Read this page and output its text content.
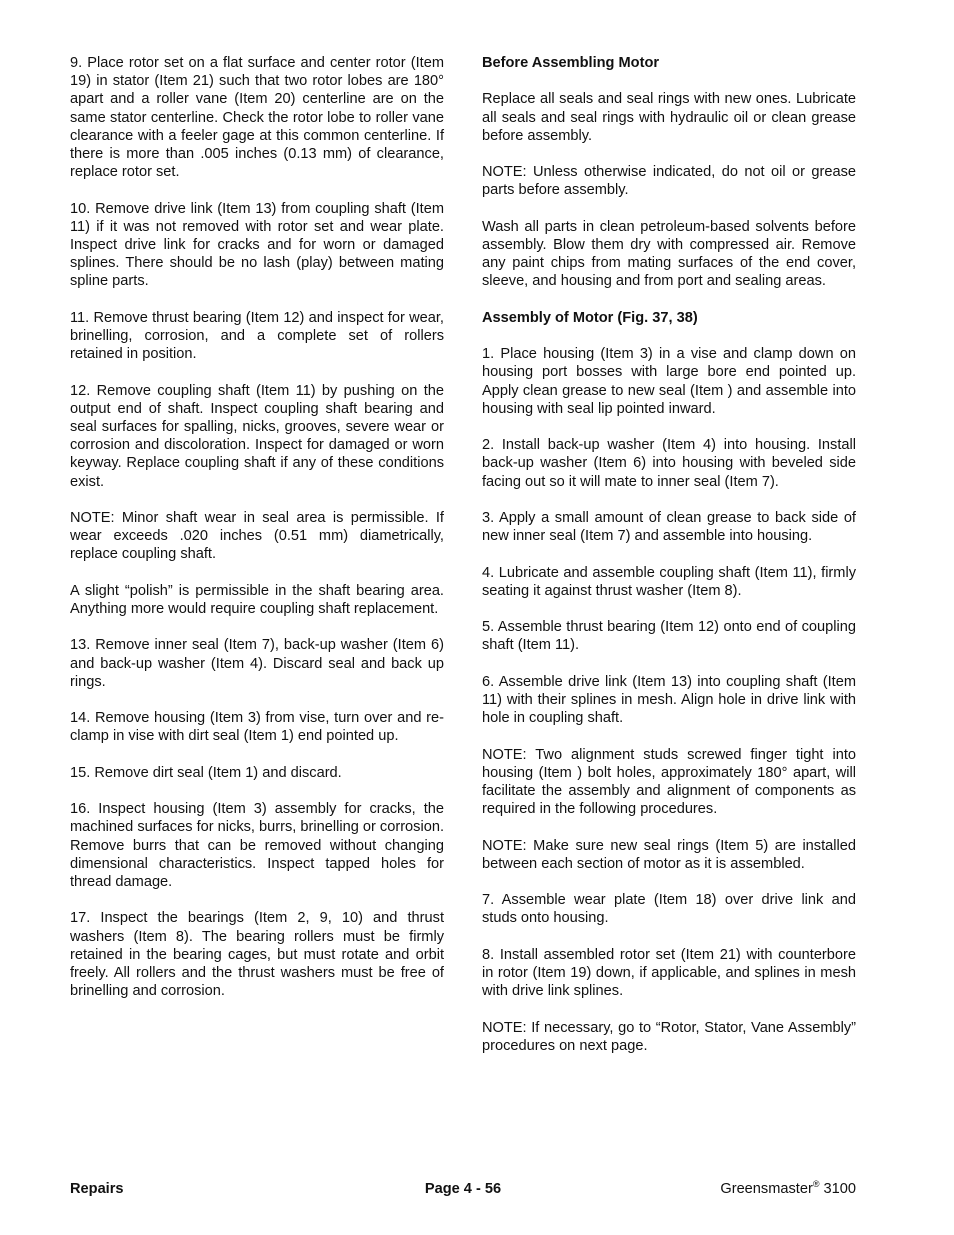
9. Place rotor set on a flat surface and center rotor (Item 19) in stator (Item 21) such that two rotor lobes are 180° apart and a roller vane (Item 20) centerline are on the same stator centerline. Check the rotor lobe to roller vane clearance with a feeler gage at this common centerline. If there is more than .005 inches (0.13 mm) of clearance, replace rotor set.

10. Remove drive link (Item 13) from coupling shaft (Item 11) if it was not removed with rotor set and wear plate. Inspect drive link for cracks and for worn or damaged splines. There should be no lash (play) between mating spline parts.

11. Remove thrust bearing (Item 12) and inspect for wear, brinelling, corrosion, and a complete set of rollers retained in position.

12. Remove coupling shaft (Item 11) by pushing on the output end of shaft. Inspect coupling shaft bearing and seal surfaces for spalling, nicks, grooves, severe wear or corrosion and discoloration. Inspect for damaged or worn keyway. Replace coupling shaft if any of these conditions exist.

NOTE: Minor shaft wear in seal area is permissible. If wear exceeds .020 inches (0.51 mm) diametrically, replace coupling shaft.

A slight “polish” is permissible in the shaft bearing area. Anything more would require coupling shaft replacement.

13. Remove inner seal (Item 7), back-up washer (Item 6) and back-up washer (Item 4). Discard seal and back up rings.

14. Remove housing (Item 3) from vise, turn over and re-clamp in vise with dirt seal (Item 1) end pointed up.

15. Remove dirt seal (Item 1) and discard.

16. Inspect housing (Item 3) assembly for cracks, the machined surfaces for nicks, burrs, brinelling or corrosion. Remove burrs that can be removed without changing dimensional characteristics. Inspect tapped holes for thread damage.

17. Inspect the bearings (Item 2, 9, 10) and thrust washers (Item 8). The bearing rollers must be firmly retained in the bearing cages, but must rotate and orbit freely. All rollers and the thrust washers must be free of brinelling and corrosion.

Before Assembling Motor

Replace all seals and seal rings with new ones. Lubricate all seals and seal rings with hydraulic oil or clean grease before assembly.

NOTE: Unless otherwise indicated, do not oil or grease parts before assembly.

Wash all parts in clean petroleum-based solvents before assembly. Blow them dry with compressed air. Remove any paint chips from mating surfaces of the end cover, sleeve, and housing and from port and sealing areas.

Assembly of Motor (Fig. 37, 38)

1. Place housing (Item 3) in a vise and clamp down on housing port bosses with large bore end pointed up. Apply clean grease to new seal (Item ) and assemble into housing with seal lip pointed inward.

2. Install back-up washer (Item 4) into housing. Install back-up washer (Item 6) into housing with beveled side facing out so it will mate to inner seal (Item 7).

3. Apply a small amount of clean grease to back side of new inner seal (Item 7) and assemble into housing.

4. Lubricate and assemble coupling shaft (Item 11), firmly seating it against thrust washer (Item 8).

5. Assemble thrust bearing (Item 12) onto end of coupling shaft (Item 11).

6. Assemble drive link (Item 13) into coupling shaft (Item 11) with their splines in mesh. Align hole in drive link with hole in coupling shaft.

NOTE: Two alignment studs screwed finger tight into housing (Item ) bolt holes, approximately 180° apart, will facilitate the assembly and alignment of components as required in the following procedures.

NOTE: Make sure new seal rings (Item 5) are installed between each section of motor as it is assembled.

7. Assemble wear plate (Item 18) over drive link and studs onto housing.

8. Install assembled rotor set (Item 21) with counterbore in rotor (Item 19) down, if applicable, and splines in mesh with drive link splines.

NOTE: If necessary, go to “Rotor, Stator, Vane Assembly” procedures on next page.

Repairs	Page 4 - 56	Greensmaster® 3100
